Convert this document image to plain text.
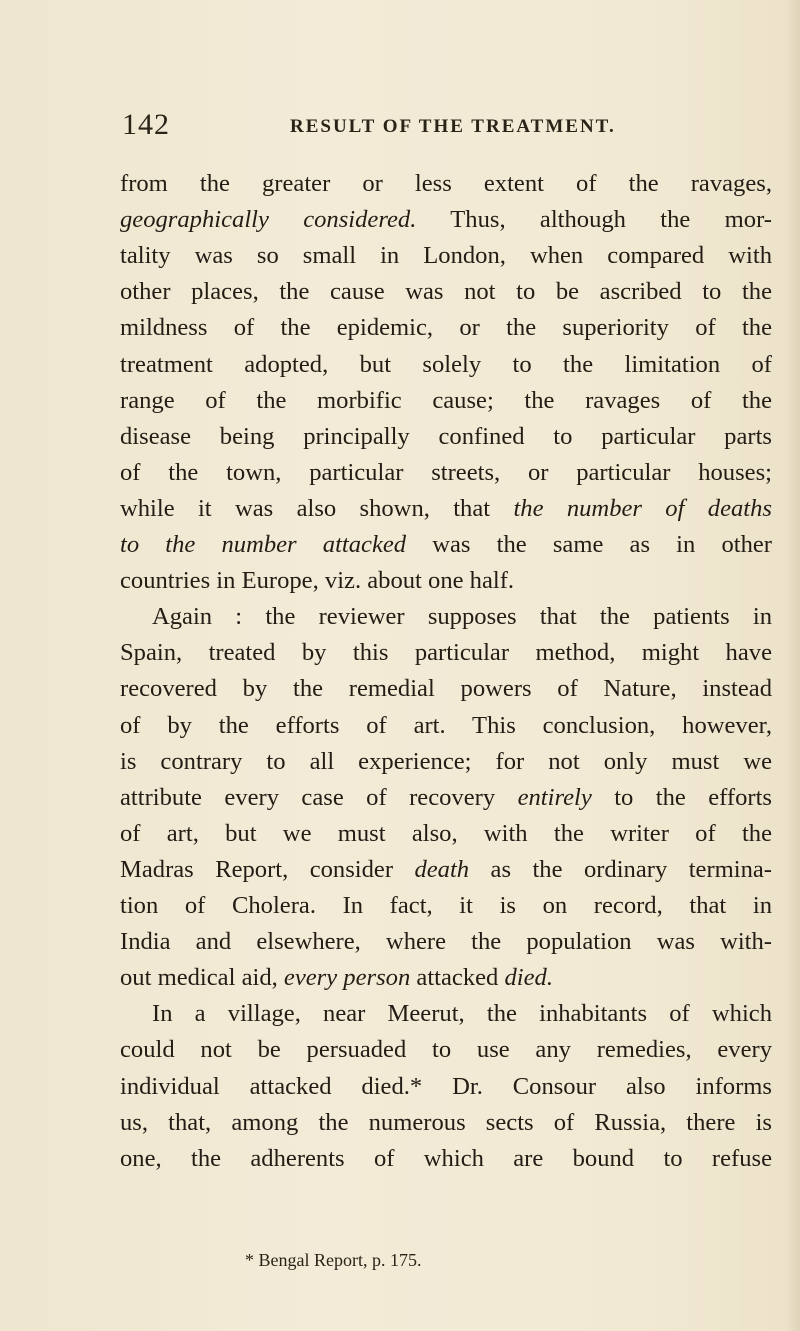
142	RESULT OF THE TREATMENT.
from the greater or less extent of the ravages,
geographically considered. Thus, although the mor-
tality was so small in London, when compared with
other places, the cause was not to be ascribed to the
mildness of the epidemic, or the superiority of the
treatment adopted, but solely to the limitation of
range of the morbific cause; the ravages of the
disease being principally confined to particular parts
of the town, particular streets, or particular houses;
while it was also shown, that the number of deaths
to the number attacked was the same as in other
countries in Europe, viz. about one half.
Again : the reviewer supposes that the patients in
Spain, treated by this particular method, might have
recovered by the remedial powers of Nature, instead
of by the efforts of art. This conclusion, however,
is contrary to all experience; for not only must we
attribute every case of recovery entirely to the efforts
of art, but we must also, with the writer of the
Madras Report, consider death as the ordinary termina-
tion of Cholera. In fact, it is on record, that in
India and elsewhere, where the population was with-
out medical aid, every person attacked died.
In a village, near Meerut, the inhabitants of which
could not be persuaded to use any remedies, every
individual attacked died.* Dr. Consour also informs
us, that, among the numerous sects of Russia, there is
one, the adherents of which are bound to refuse
* Bengal Report, p. 175.
